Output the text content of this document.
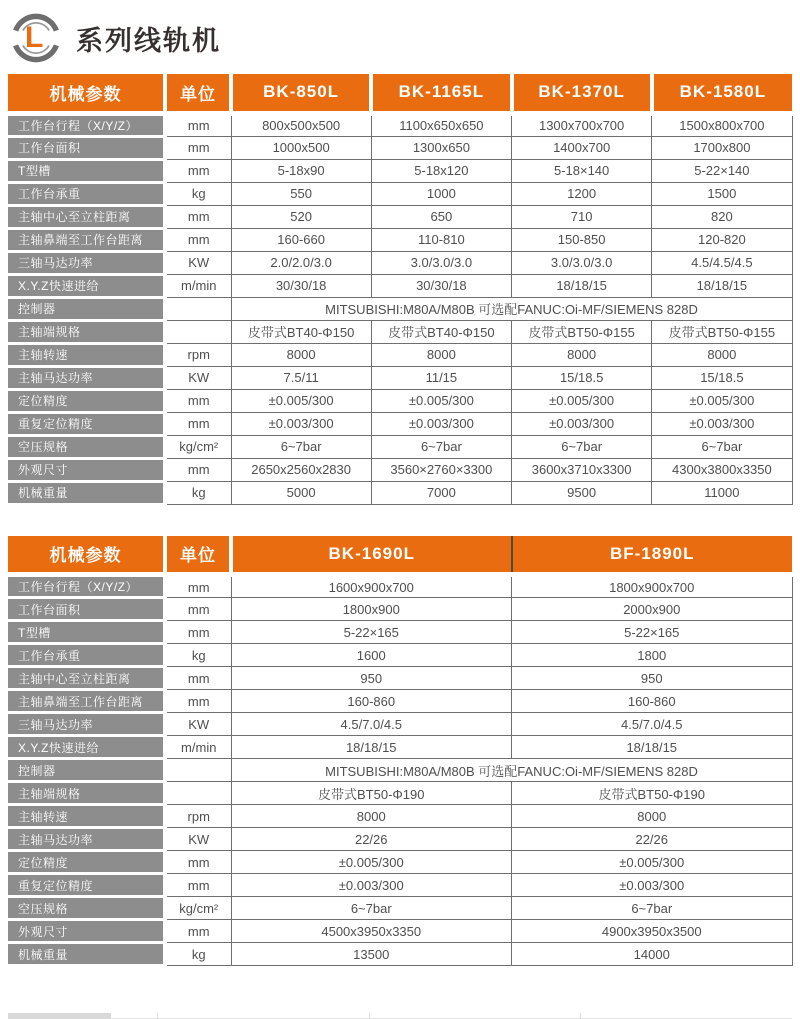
L 系列线轨机
机械参数	单位	BK-850L	BK-1165L	BK-1370L	BK-1580L
工作台行程（X/Y/Z）	mm	800x500x500	1100x650x650	1300x700x700	1500x800x700
工作台面积	mm	1000x500	1300x650	1400x700	1700x800
T型槽	mm	5-18x90	5-18x120	5-18×140	5-22×140
工作台承重	kg	550	1000	1200	1500
主轴中心至立柱距离	mm	520	650	710	820
主轴鼻端至工作台距离	mm	160-660	110-810	150-850	120-820
三轴马达功率	KW	2.0/2.0/3.0	3.0/3.0/3.0	3.0/3.0/3.0	4.5/4.5/4.5
X.Y.Z快速进给	m/min	30/30/18	30/30/18	18/18/15	18/18/15
控制器		MITSUBISHI:M80A/M80B 可选配FANUC:Oi-MF/SIEMENS 828D			
主轴端规格		皮带式BT40-Φ150	皮带式BT40-Φ150	皮带式BT50-Φ155	皮带式BT50-Φ155
主轴转速	rpm	8000	8000	8000	8000
主轴马达功率	KW	7.5/11	11/15	15/18.5	15/18.5
定位精度	mm	±0.005/300	±0.005/300	±0.005/300	±0.005/300
重复定位精度	mm	±0.003/300	±0.003/300	±0.003/300	±0.003/300
空压规格	kg/cm²	6~7bar	6~7bar	6~7bar	6~7bar
外观尺寸	mm	2650x2560x2830	3560×2760×3300	3600x3710x3300	4300x3800x3350
机械重量	kg	5000	7000	9500	11000
机械参数	单位	BK-1690L	BF-1890L
工作台行程（X/Y/Z）	mm	1600x900x700	1800x900x700
工作台面积	mm	1800x900	2000x900
T型槽	mm	5-22×165	5-22×165
工作台承重	kg	1600	1800
主轴中心至立柱距离	mm	950	950
主轴鼻端至工作台距离	mm	160-860	160-860
三轴马达功率	KW	4.5/7.0/4.5	4.5/7.0/4.5
X.Y.Z快速进给	m/min	18/18/15	18/18/15
控制器		MITSUBISHI:M80A/M80B 可选配FANUC:Oi-MF/SIEMENS 828D	
主轴端规格		皮带式BT50-Φ190	皮带式BT50-Φ190
主轴转速	rpm	8000	8000
主轴马达功率	KW	22/26	22/26
定位精度	mm	±0.005/300	±0.005/300
重复定位精度	mm	±0.003/300	±0.003/300
空压规格	kg/cm²	6~7bar	6~7bar
外观尺寸	mm	4500x3950x3350	4900x3950x3500
机械重量	kg	13500	14000
